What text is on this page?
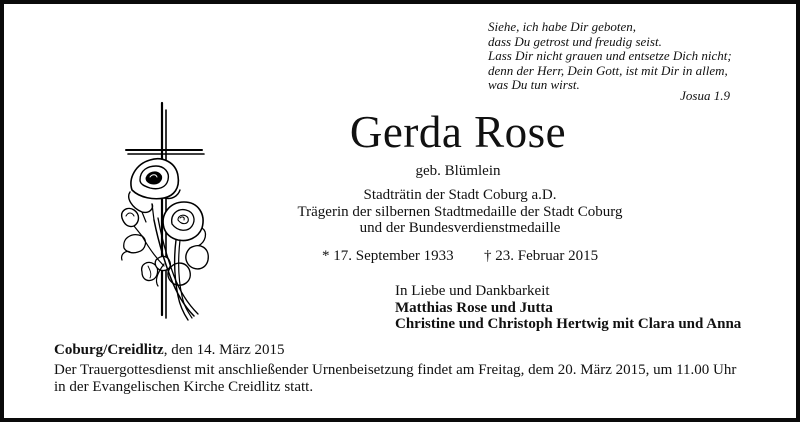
Siehe, ich habe Dir geboten,
dass Du getrost und freudig seist.
Lass Dir nicht grauen und entsetze Dich nicht;
denn der Herr, Dein Gott, ist mit Dir in allem,
was Du tun wirst.
Josua 1.9
Gerda Rose
geb. Blümlein
Stadträtin der Stadt Coburg a.D.
Trägerin der silbernen Stadtmedaille der Stadt Coburg
und der Bundesverdienstmedaille
* 17. September 1933 † 23. Februar 2015
In Liebe und Dankbarkeit
Matthias Rose und Jutta
Christine und Christoph Hertwig mit Clara und Anna
Coburg/Creidlitz, den 14. März 2015
Der Trauergottesdienst mit anschließender Urnenbeisetzung findet am Freitag, dem 20. März 2015, um 11.00 Uhr
in der Evangelischen Kirche Creidlitz statt.
